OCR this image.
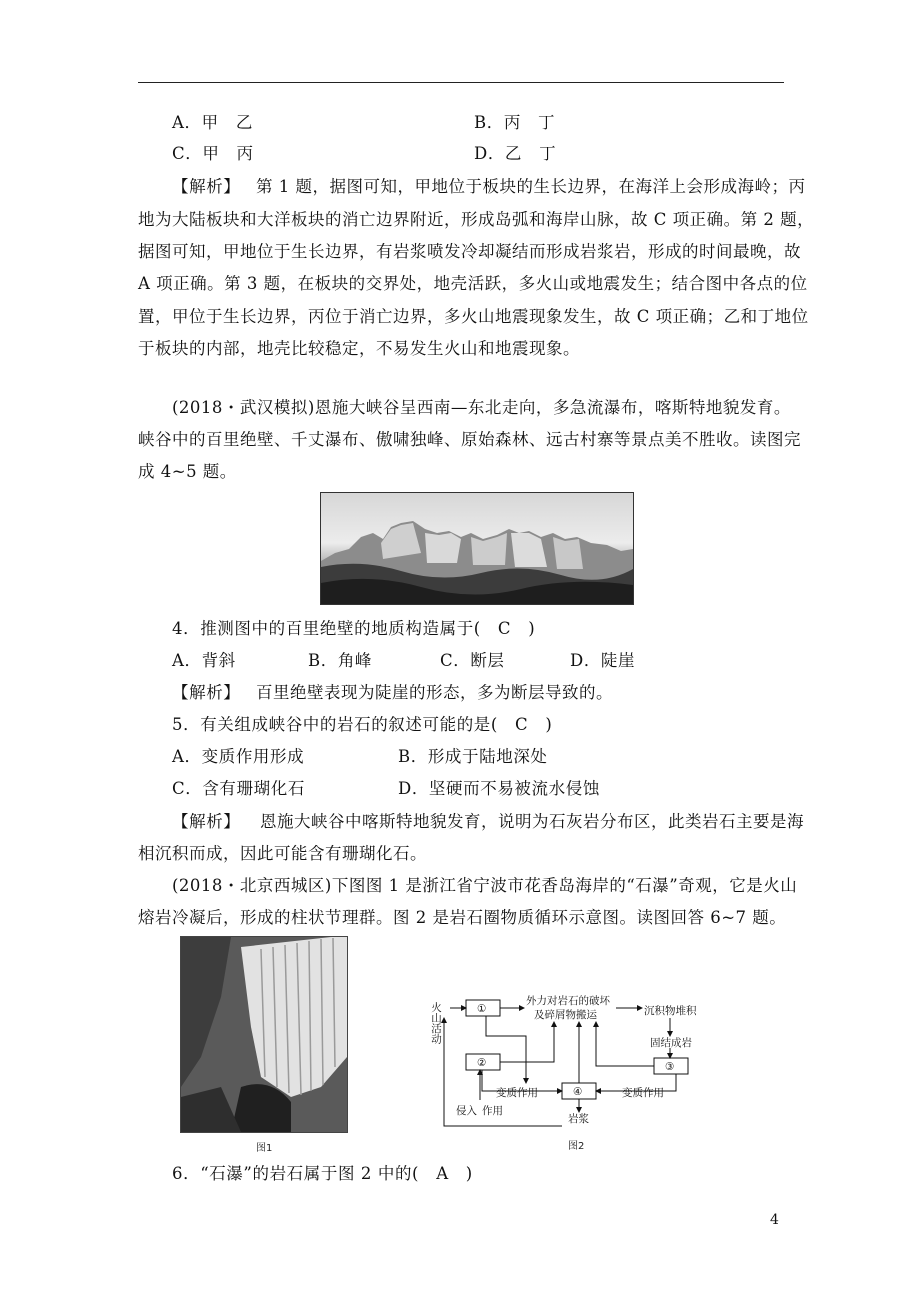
A．甲　乙	B．丙　丁
C．甲　丙	D．乙　丁
【解析】 第 1 题，据图可知，甲地位于板块的生长边界，在海洋上会形成海岭；丙
地为大陆板块和大洋板块的消亡边界附近，形成岛弧和海岸山脉，故 C 项正确。第 2 题，
据图可知，甲地位于生长边界，有岩浆喷发冷却凝结而形成岩浆岩，形成的时间最晚，故
A 项正确。第 3 题，在板块的交界处，地壳活跃，多火山或地震发生；结合图中各点的位
置，甲位于生长边界，丙位于消亡边界，多火山地震现象发生，故 C 项正确；乙和丁地位
于板块的内部，地壳比较稳定，不易发生火山和地震现象。
(2018・武汉模拟)恩施大峡谷呈西南—东北走向，多急流瀑布，喀斯特地貌发育。
峡谷中的百里绝壁、千丈瀑布、傲啸独峰、原始森林、远古村寨等景点美不胜收。读图完
成 4~5 题。
4．推测图中的百里绝壁的地质构造属于(　C　)
A．背斜	B．角峰	C．断层	D．陡崖
【解析】 百里绝壁表现为陡崖的形态，多为断层导致的。
5．有关组成峡谷中的岩石的叙述可能的是(　C　)
A．变质作用形成	B．形成于陆地深处
C．含有珊瑚化石	D．坚硬而不易被流水侵蚀
【解析】 恩施大峡谷中喀斯特地貌发育，说明为石灰岩分布区，此类岩石主要是海
相沉积而成，因此可能含有珊瑚化石。
(2018・北京西城区)下图图 1 是浙江省宁波市花香岛海岸的“石瀑”奇观，它是火山
熔岩冷凝后，形成的柱状节理群。图 2 是岩石圈物质循环示意图。读图回答 6~7 题。
图1
火山活动	①
②
④
③
外力对岩石的破坏
及碎屑物搬运	沉积物堆积
固结成岩
变质作用	变质作用
侵入 作用
岩浆
图2
6．“石瀑”的岩石属于图 2 中的(　A　)
4
